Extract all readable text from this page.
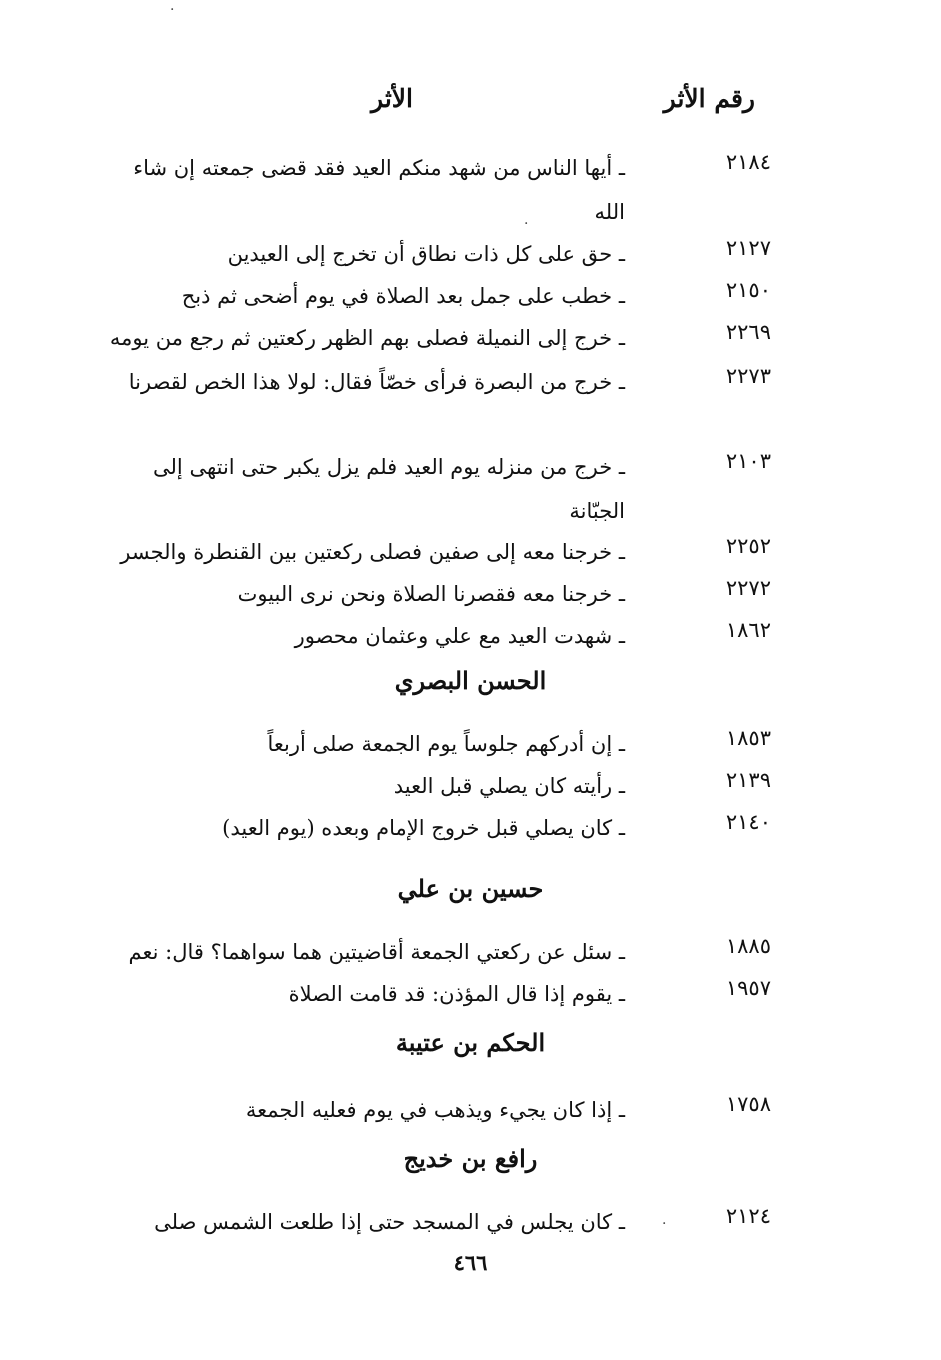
رقم الأثر
الأثر
٢١٨٤
ـ أيها الناس من شهد منكم العيد فقد قضى جمعته إن شاء الله
٢١٢٧
ـ حق على كل ذات نطاق أن تخرج إلى العيدين
٢١٥٠
ـ خطب على جمل بعد الصلاة في يوم أضحى ثم ذبح
٢٢٦٩
ـ خرج إلى النميلة فصلى بهم الظهر ركعتين ثم رجع من يومه
٢٢٧٣
ـ خرج من البصرة فرأى خصّاً فقال: لولا هذا الخص لقصرنا
٢١٠٣
ـ خرج من منزله يوم العيد فلم يزل يكبر حتى انتهى إلى الجبّانة
٢٢٥٢
ـ خرجنا معه إلى صفين فصلى ركعتين بين القنطرة والجسر
٢٢٧٢
ـ خرجنا معه فقصرنا الصلاة ونحن نرى البيوت
١٨٦٢
ـ شهدت العيد مع علي وعثمان محصور
الحسن البصري
١٨٥٣
ـ إن أدركهم جلوساً يوم الجمعة صلى أربعاً
٢١٣٩
ـ رأيته كان يصلي قبل العيد
٢١٤٠
ـ كان يصلي قبل خروج الإمام وبعده (يوم العيد)
حسين بن علي
١٨٨٥
ـ سئل عن ركعتي الجمعة أقاضيتين هما سواهما؟ قال: نعم
١٩٥٧
ـ يقوم إذا قال المؤذن: قد قامت الصلاة
الحكم بن عتيبة
١٧٥٨
ـ إذا كان يجيء ويذهب في يوم فعليه الجمعة
رافع بن خديج
٢١٢٤
ـ كان يجلس في المسجد حتى إذا طلعت الشمس صلى
٤٦٦
·
·
·
